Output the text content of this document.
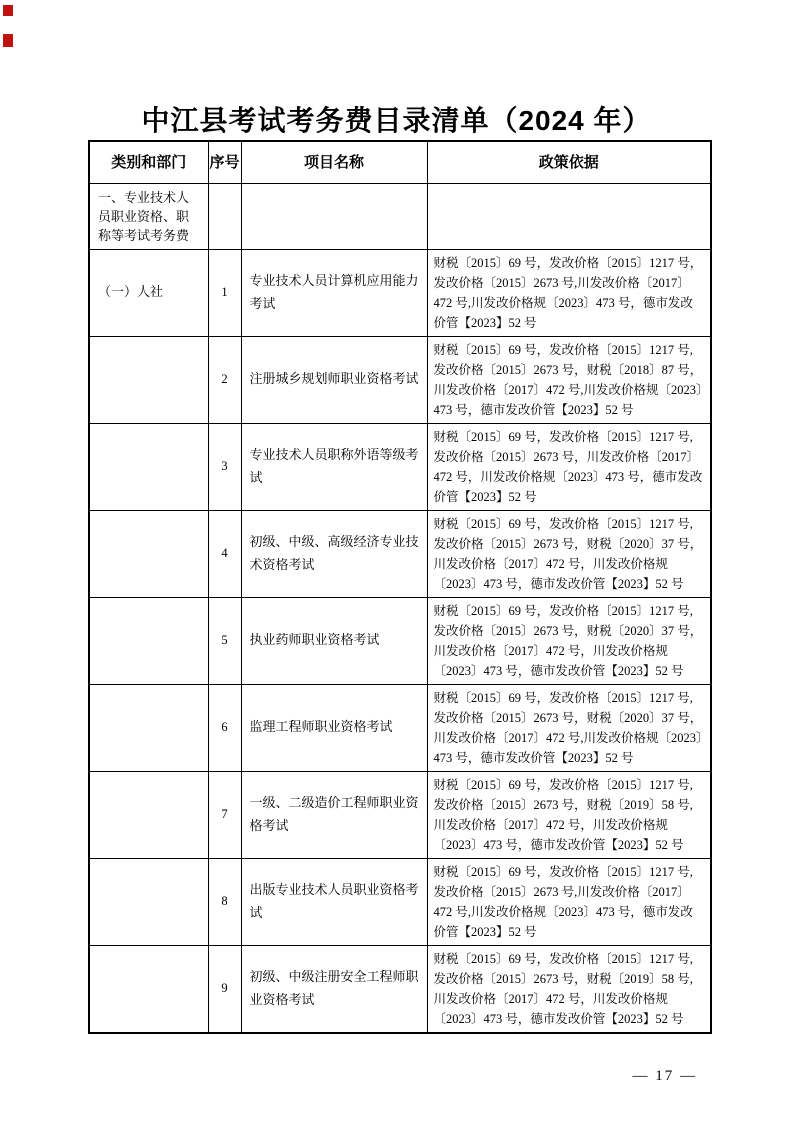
中江县考试考务费目录清单（2024 年）
类别和部门	序号	项目名称	政策依据
一、专业技术人员职业资格、职称等考试考务费			
（一）人社	1	专业技术人员计算机应用能力考试	财税〔2015〕69 号，发改价格〔2015〕1217 号，发改价格〔2015〕2673 号,川发改价格〔2017〕472 号,川发改价格规〔2023〕473 号，德市发改价管【2023】52 号
	2	注册城乡规划师职业资格考试	财税〔2015〕69 号，发改价格〔2015〕1217 号,发改价格〔2015〕2673 号，财税〔2018〕87 号，川发改价格〔2017〕472 号,川发改价格规〔2023〕473 号，德市发改价管【2023】52 号
	3	专业技术人员职称外语等级考试	财税〔2015〕69 号，发改价格〔2015〕1217 号,发改价格〔2015〕2673 号，川发改价格〔2017〕472 号，川发改价格规〔2023〕473 号，德市发改价管【2023】52 号
	4	初级、中级、高级经济专业技术资格考试	财税〔2015〕69 号，发改价格〔2015〕1217 号,发改价格〔2015〕2673 号，财税〔2020〕37 号，川发改价格〔2017〕472 号，川发改价格规〔2023〕473 号，德市发改价管【2023】52 号
	5	执业药师职业资格考试	财税〔2015〕69 号，发改价格〔2015〕1217 号,发改价格〔2015〕2673 号，财税〔2020〕37 号，川发改价格〔2017〕472 号，川发改价格规〔2023〕473 号，德市发改价管【2023】52 号
	6	监理工程师职业资格考试	财税〔2015〕69 号，发改价格〔2015〕1217 号,发改价格〔2015〕2673 号，财税〔2020〕37 号，川发改价格〔2017〕472 号,川发改价格规〔2023〕473 号，德市发改价管【2023】52 号
	7	一级、二级造价工程师职业资格考试	财税〔2015〕69 号，发改价格〔2015〕1217 号,发改价格〔2015〕2673 号，财税〔2019〕58 号,川发改价格〔2017〕472 号，川发改价格规〔2023〕473 号，德市发改价管【2023】52 号
	8	出版专业技术人员职业资格考试	财税〔2015〕69 号，发改价格〔2015〕1217 号,发改价格〔2015〕2673 号,川发改价格〔2017〕472 号,川发改价格规〔2023〕473 号，德市发改价管【2023】52 号
	9	初级、中级注册安全工程师职业资格考试	财税〔2015〕69 号，发改价格〔2015〕1217 号,发改价格〔2015〕2673 号，财税〔2019〕58 号,川发改价格〔2017〕472 号，川发改价格规〔2023〕473 号，德市发改价管【2023】52 号
— 17 —
